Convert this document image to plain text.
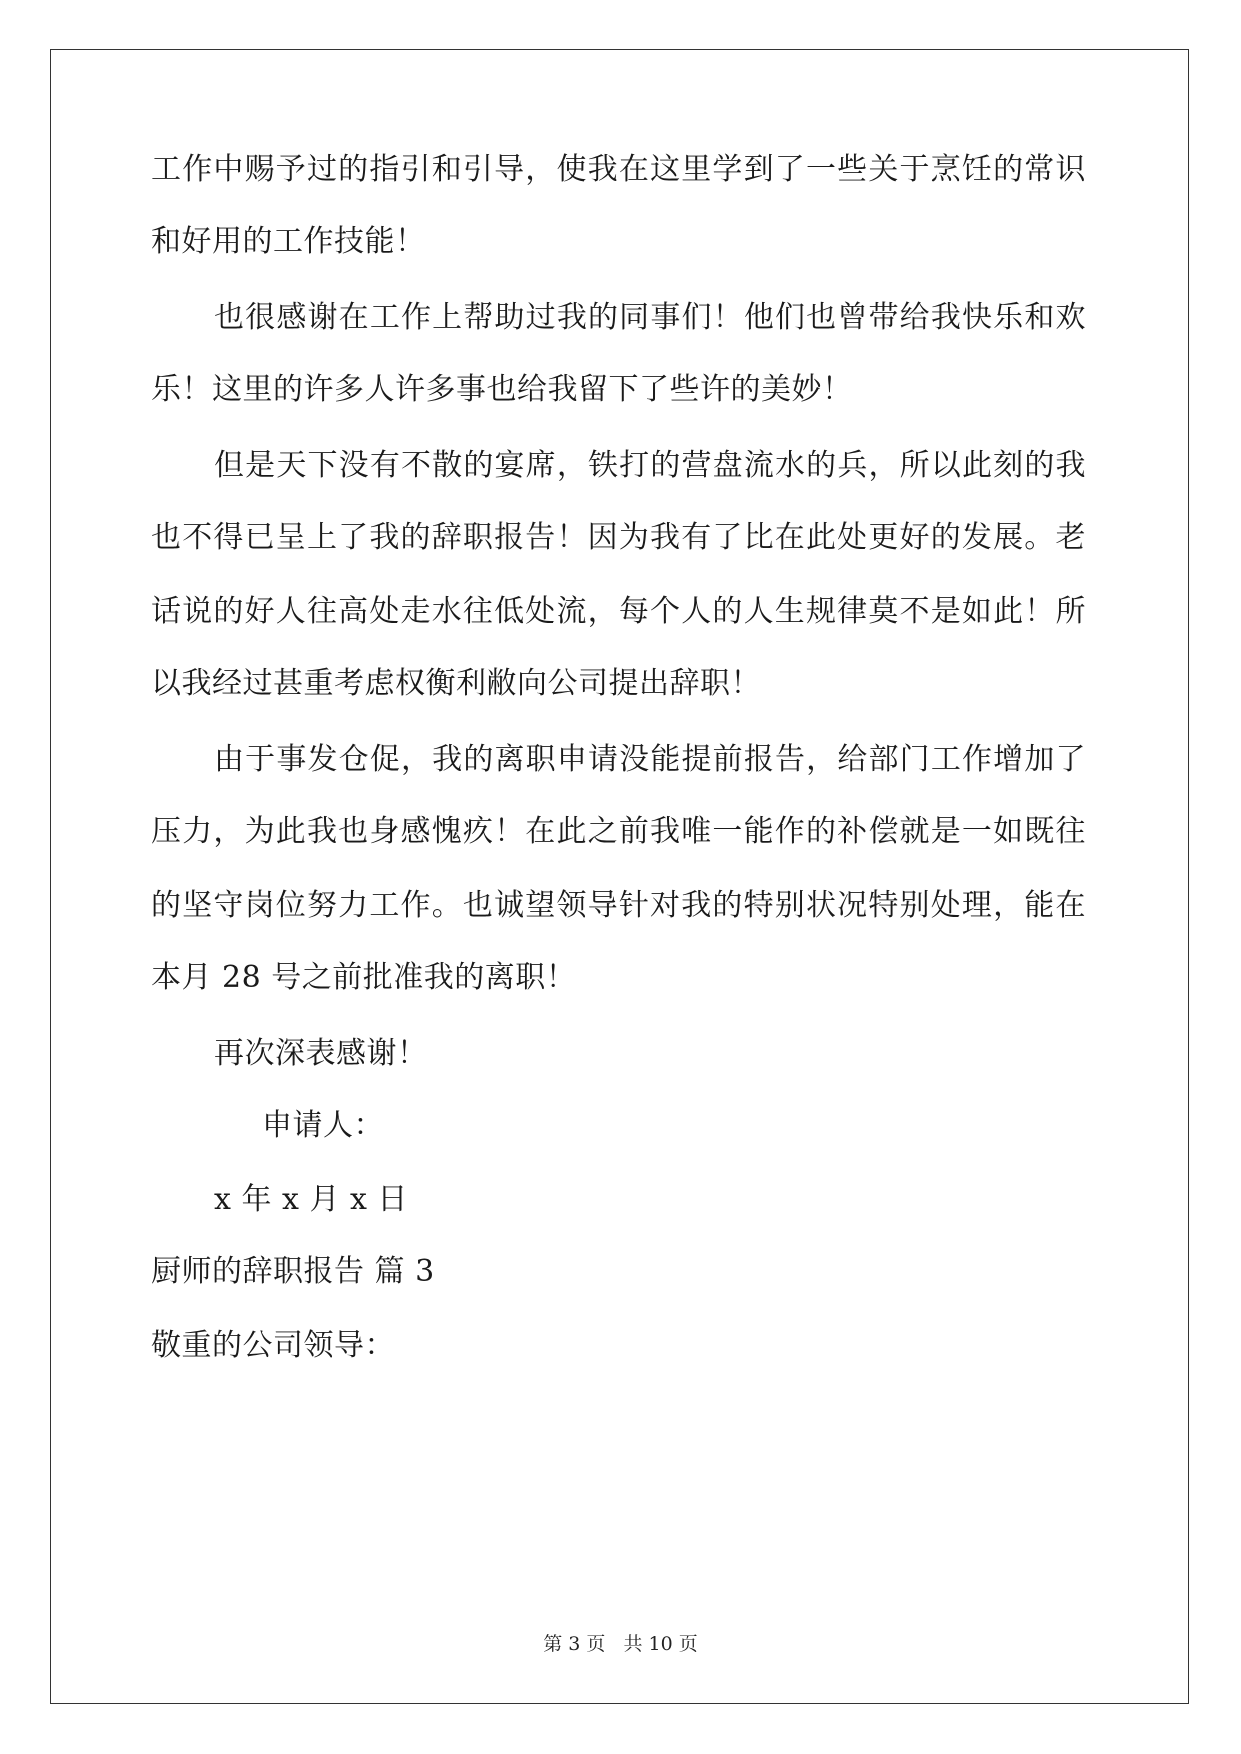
工作中赐予过的指引和引导，使我在这里学到了一些关于烹饪的常识
和好用的工作技能！
也很感谢在工作上帮助过我的同事们！他们也曾带给我快乐和欢
乐！这里的许多人许多事也给我留下了些许的美妙！
但是天下没有不散的宴席，铁打的营盘流水的兵，所以此刻的我
也不得已呈上了我的辞职报告！因为我有了比在此处更好的发展。老
话说的好人往高处走水往低处流，每个人的人生规律莫不是如此！所
以我经过甚重考虑权衡利敝向公司提出辞职！
由于事发仓促，我的离职申请没能提前报告，给部门工作增加了
压力，为此我也身感愧疚！在此之前我唯一能作的补偿就是一如既往
的坚守岗位努力工作。也诚望领导针对我的特别状况特别处理，能在
本月 28 号之前批准我的离职！
再次深表感谢！
申请人：
x 年 x 月 x 日
厨师的辞职报告 篇 3
敬重的公司领导：
第 3 页 共 10 页
